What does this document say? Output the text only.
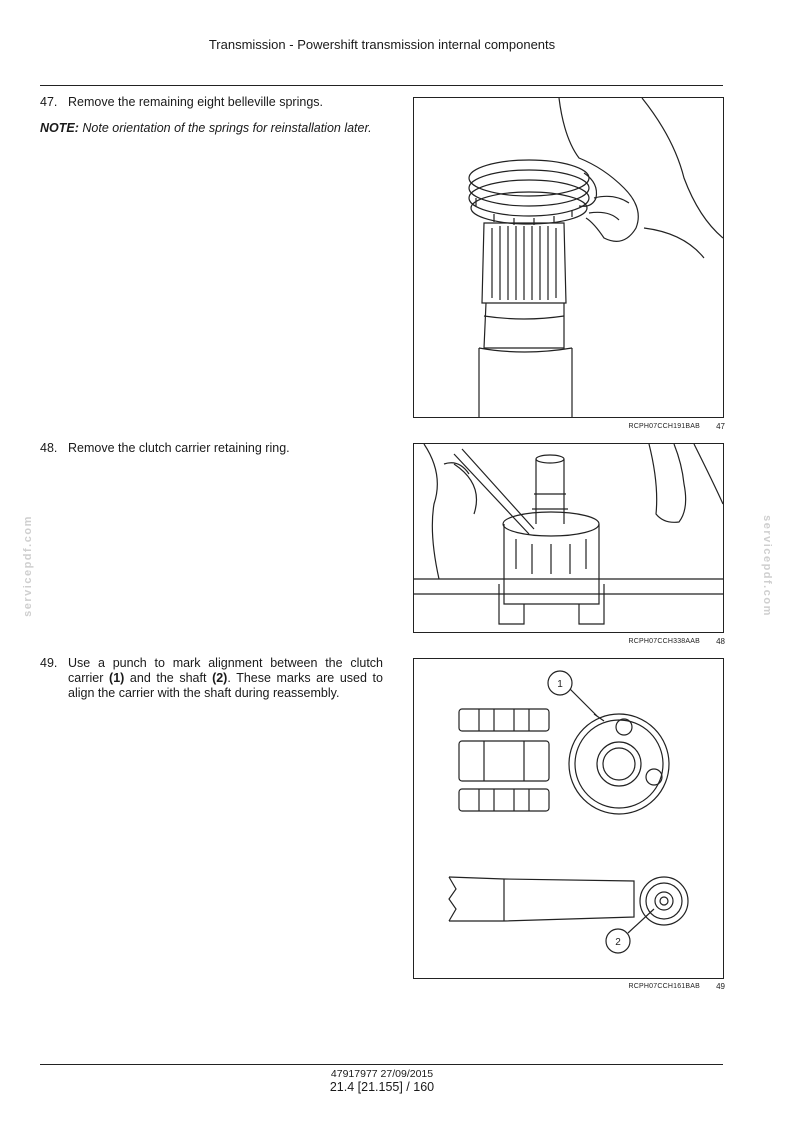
Transmission - Powershift transmission internal components
servicepdf.com	servicepdf.com
47. Remove the remaining eight belleville springs.
NOTE: Note orientation of the springs for reinstallation later.
RCPH07CCH191BAB	47
48. Remove the clutch carrier retaining ring.
RCPH07CCH338AAB	48
49. Use a punch to mark alignment between the clutch carrier (1) and the shaft (2). These marks are used to align the carrier with the shaft during reassembly.
1
2
RCPH07CCH161BAB	49
47917977 27/09/2015
21.4 [21.155] / 160
